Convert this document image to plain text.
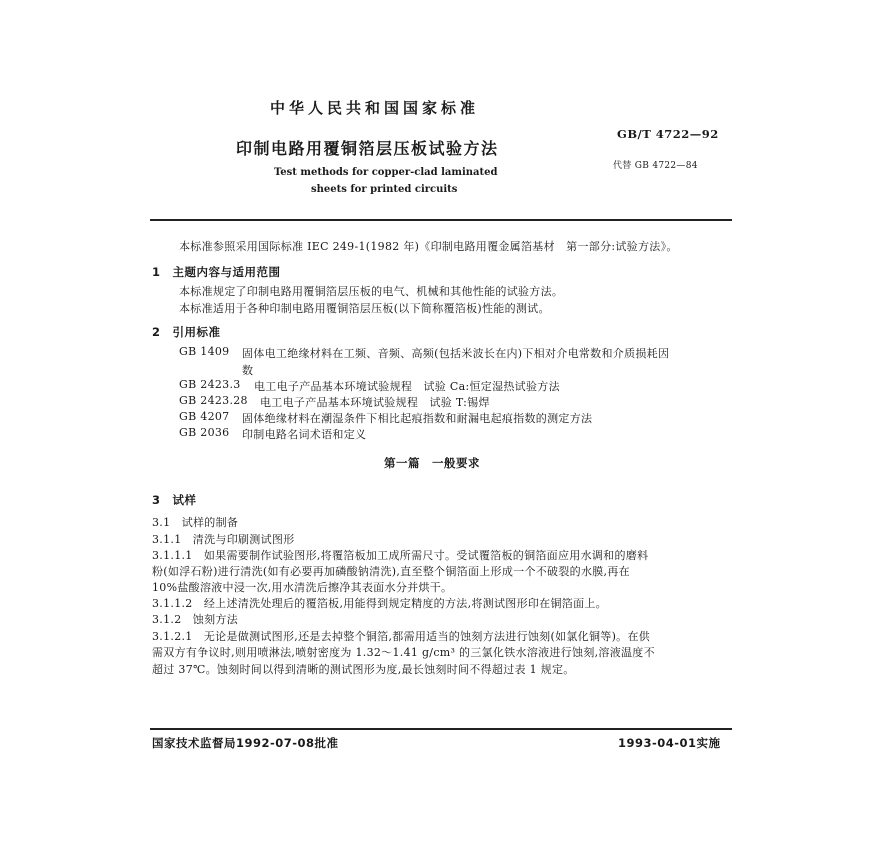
中华人民共和国国家标准
GB/T 4722—92
印制电路用覆铜箔层压板试验方法
代替 GB 4722—84
Test methods for copper-clad laminated
sheets for printed circuits
本标准参照采用国际标准 IEC 249-1(1982 年)《印制电路用覆金属箔基材　第一部分:试验方法》。
1　主题内容与适用范围
本标准规定了印制电路用覆铜箔层压板的电气、机械和其他性能的试验方法。
本标准适用于各种印制电路用覆铜箔层压板(以下简称覆箔板)性能的测试。
2　引用标准
GB 1409 固体电工绝缘材料在工频、音频、高频(包括米波长在内)下相对介电常数和介质损耗因
数
GB 2423.3 电工电子产品基本环境试验规程　试验 Ca:恒定湿热试验方法
GB 2423.28 电工电子产品基本环境试验规程　试验 T:锡焊
GB 4207 固体绝缘材料在潮湿条件下相比起痕指数和耐漏电起痕指数的测定方法
GB 2036 印制电路名词术语和定义
第一篇　一般要求
3　试样
3.1　试样的制备
3.1.1　清洗与印刷测试图形
3.1.1.1　如果需要制作试验图形,将覆箔板加工成所需尺寸。受试覆箔板的铜箔面应用水调和的磨料
粉(如浮石粉)进行清洗(如有必要再加磷酸钠清洗),直至整个铜箔面上形成一个不破裂的水膜,再在
10%盐酸溶液中浸一次,用水清洗后擦净其表面水分并烘干。
3.1.1.2　经上述清洗处理后的覆箔板,用能得到规定精度的方法,将测试图形印在铜箔面上。
3.1.2　蚀刻方法
3.1.2.1　无论是做测试图形,还是去掉整个铜箔,都需用适当的蚀刻方法进行蚀刻(如氯化铜等)。在供
需双方有争议时,则用喷淋法,喷射密度为 1.32～1.41 g/cm³ 的三氯化铁水溶液进行蚀刻,溶液温度不
超过 37℃。蚀刻时间以得到清晰的测试图形为度,最长蚀刻时间不得超过表 1 规定。
国家技术监督局1992-07-08批准	1993-04-01实施
